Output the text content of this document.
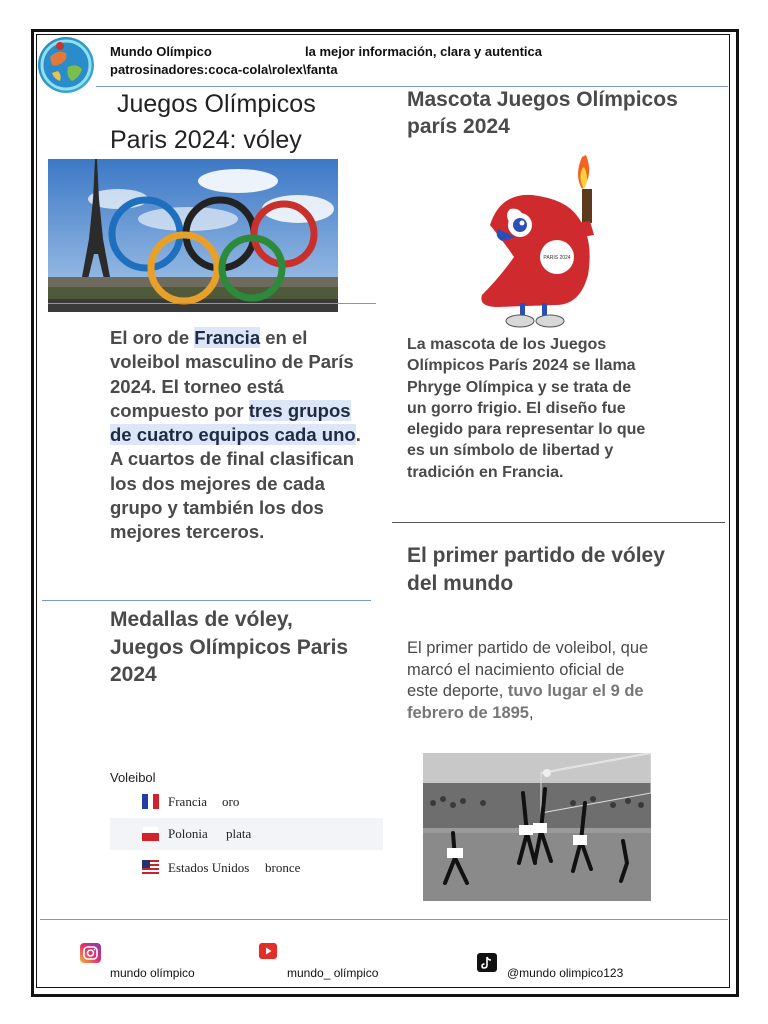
Mundo Olímpico	la mejor información, clara y autentica
patrosinadores:coca-cola\rolex\fanta
Juegos Olímpicos
Paris 2024: vóley
El oro de Francia en el voleibol masculino de París 2024. El torneo está compuesto por tres grupos de cuatro equipos cada uno. A cuartos de final clasifican los dos mejores de cada grupo y también los dos mejores terceros.
Medallas de vóley, Juegos Olímpicos Paris 2024
Voleibol
Francia oro
Polonia plata
Estados Unidos bronce
Mascota Juegos Olímpicos parís 2024
PARIS 2024
La mascota de los Juegos Olímpicos París 2024 se llama Phryge Olímpica y se trata de un gorro frigio. El diseño fue elegido para representar lo que es un símbolo de libertad y tradición en Francia.
El primer partido de vóley del mundo
El primer partido de voleibol, que marcó el nacimiento oficial de este deporte, tuvo lugar el 9 de febrero de 1895,
mundo olímpico	mundo_ olímpico	@mundo olimpico123
